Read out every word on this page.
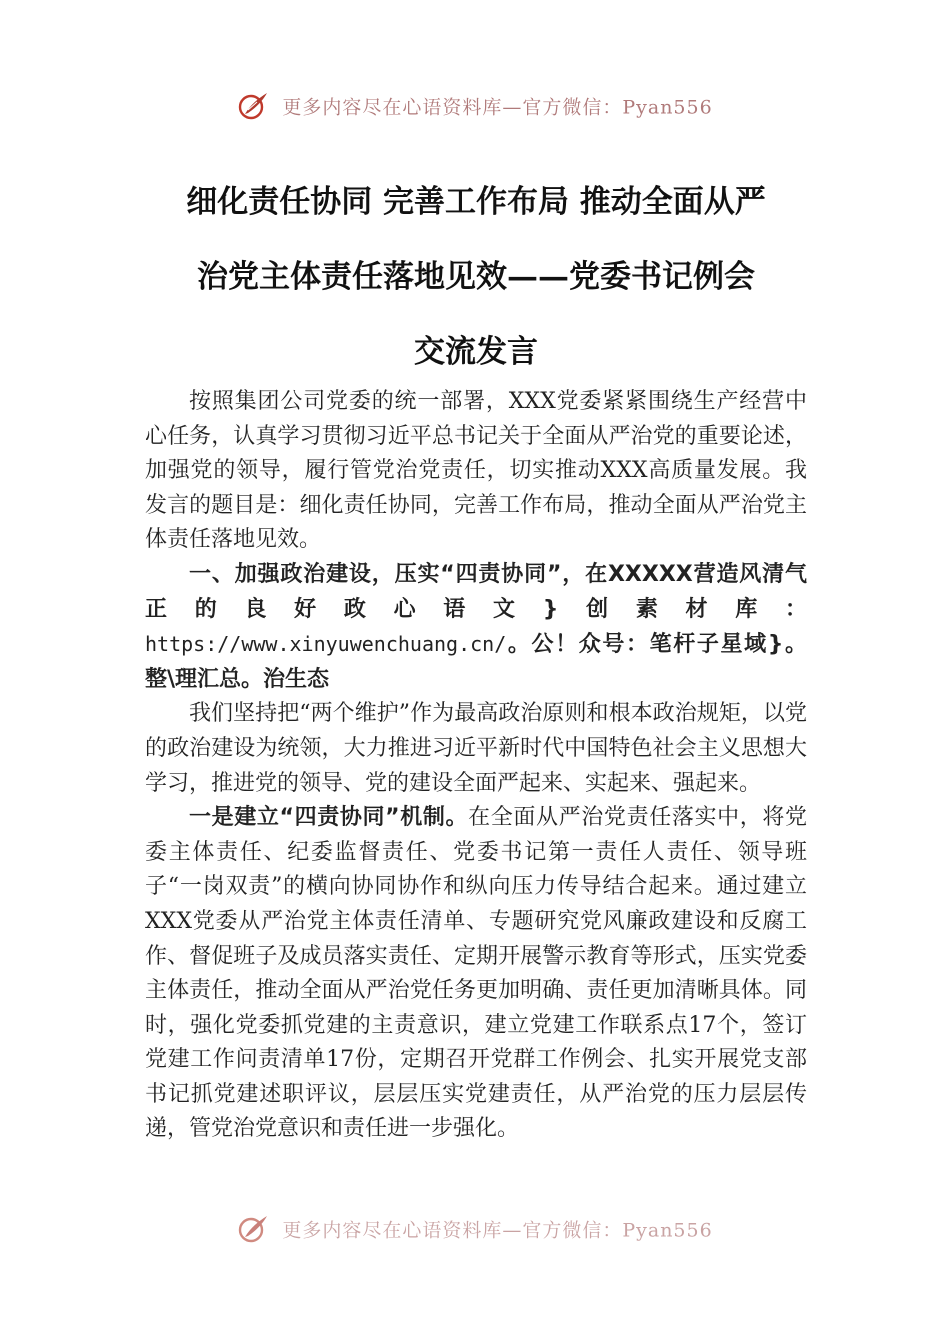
更多内容尽在心语资料库—官方微信：Pyan556
细化责任协同 完善工作布局 推动全面从严
治党主体责任落地见效——党委书记例会
交流发言

按照集团公司党委的统一部署，XXX党委紧紧围绕生产经营中心任务，认真学习贯彻习近平总书记关于全面从严治党的重要论述，加强党的领导，履行管党治党责任，切实推动XXX高质量发展。我发言的题目是：细化责任协同，完善工作布局，推动全面从严治党主体责任落地见效。

一、加强政治建设，压实“四责协同”，在XXXXX营造风清气正的良好政心语文}创素材库：https://www.xinyuwenchuang.cn/。公！众号：笔杆子星域}。整\理汇总。治生态

我们坚持把“两个维护”作为最高政治原则和根本政治规矩，以党的政治建设为统领，大力推进习近平新时代中国特色社会主义思想大学习，推进党的领导、党的建设全面严起来、实起来、强起来。

一是建立“四责协同”机制。在全面从严治党责任落实中，将党委主体责任、纪委监督责任、党委书记第一责任人责任、领导班子“一岗双责”的横向协同协作和纵向压力传导结合起来。通过建立XXX党委从严治党主体责任清单、专题研究党风廉政建设和反腐工作、督促班子及成员落实责任、定期开展警示教育等形式，压实党委主体责任，推动全面从严治党任务更加明确、责任更加清晰具体。同时，强化党委抓党建的主责意识，建立党建工作联系点17个，签订党建工作问责清单17份，定期召开党群工作例会、扎实开展党支部书记抓党建述职评议，层层压实党建责任，从严治党的压力层层传递，管党治党意识和责任进一步强化。

更多内容尽在心语资料库—官方微信：Pyan556
